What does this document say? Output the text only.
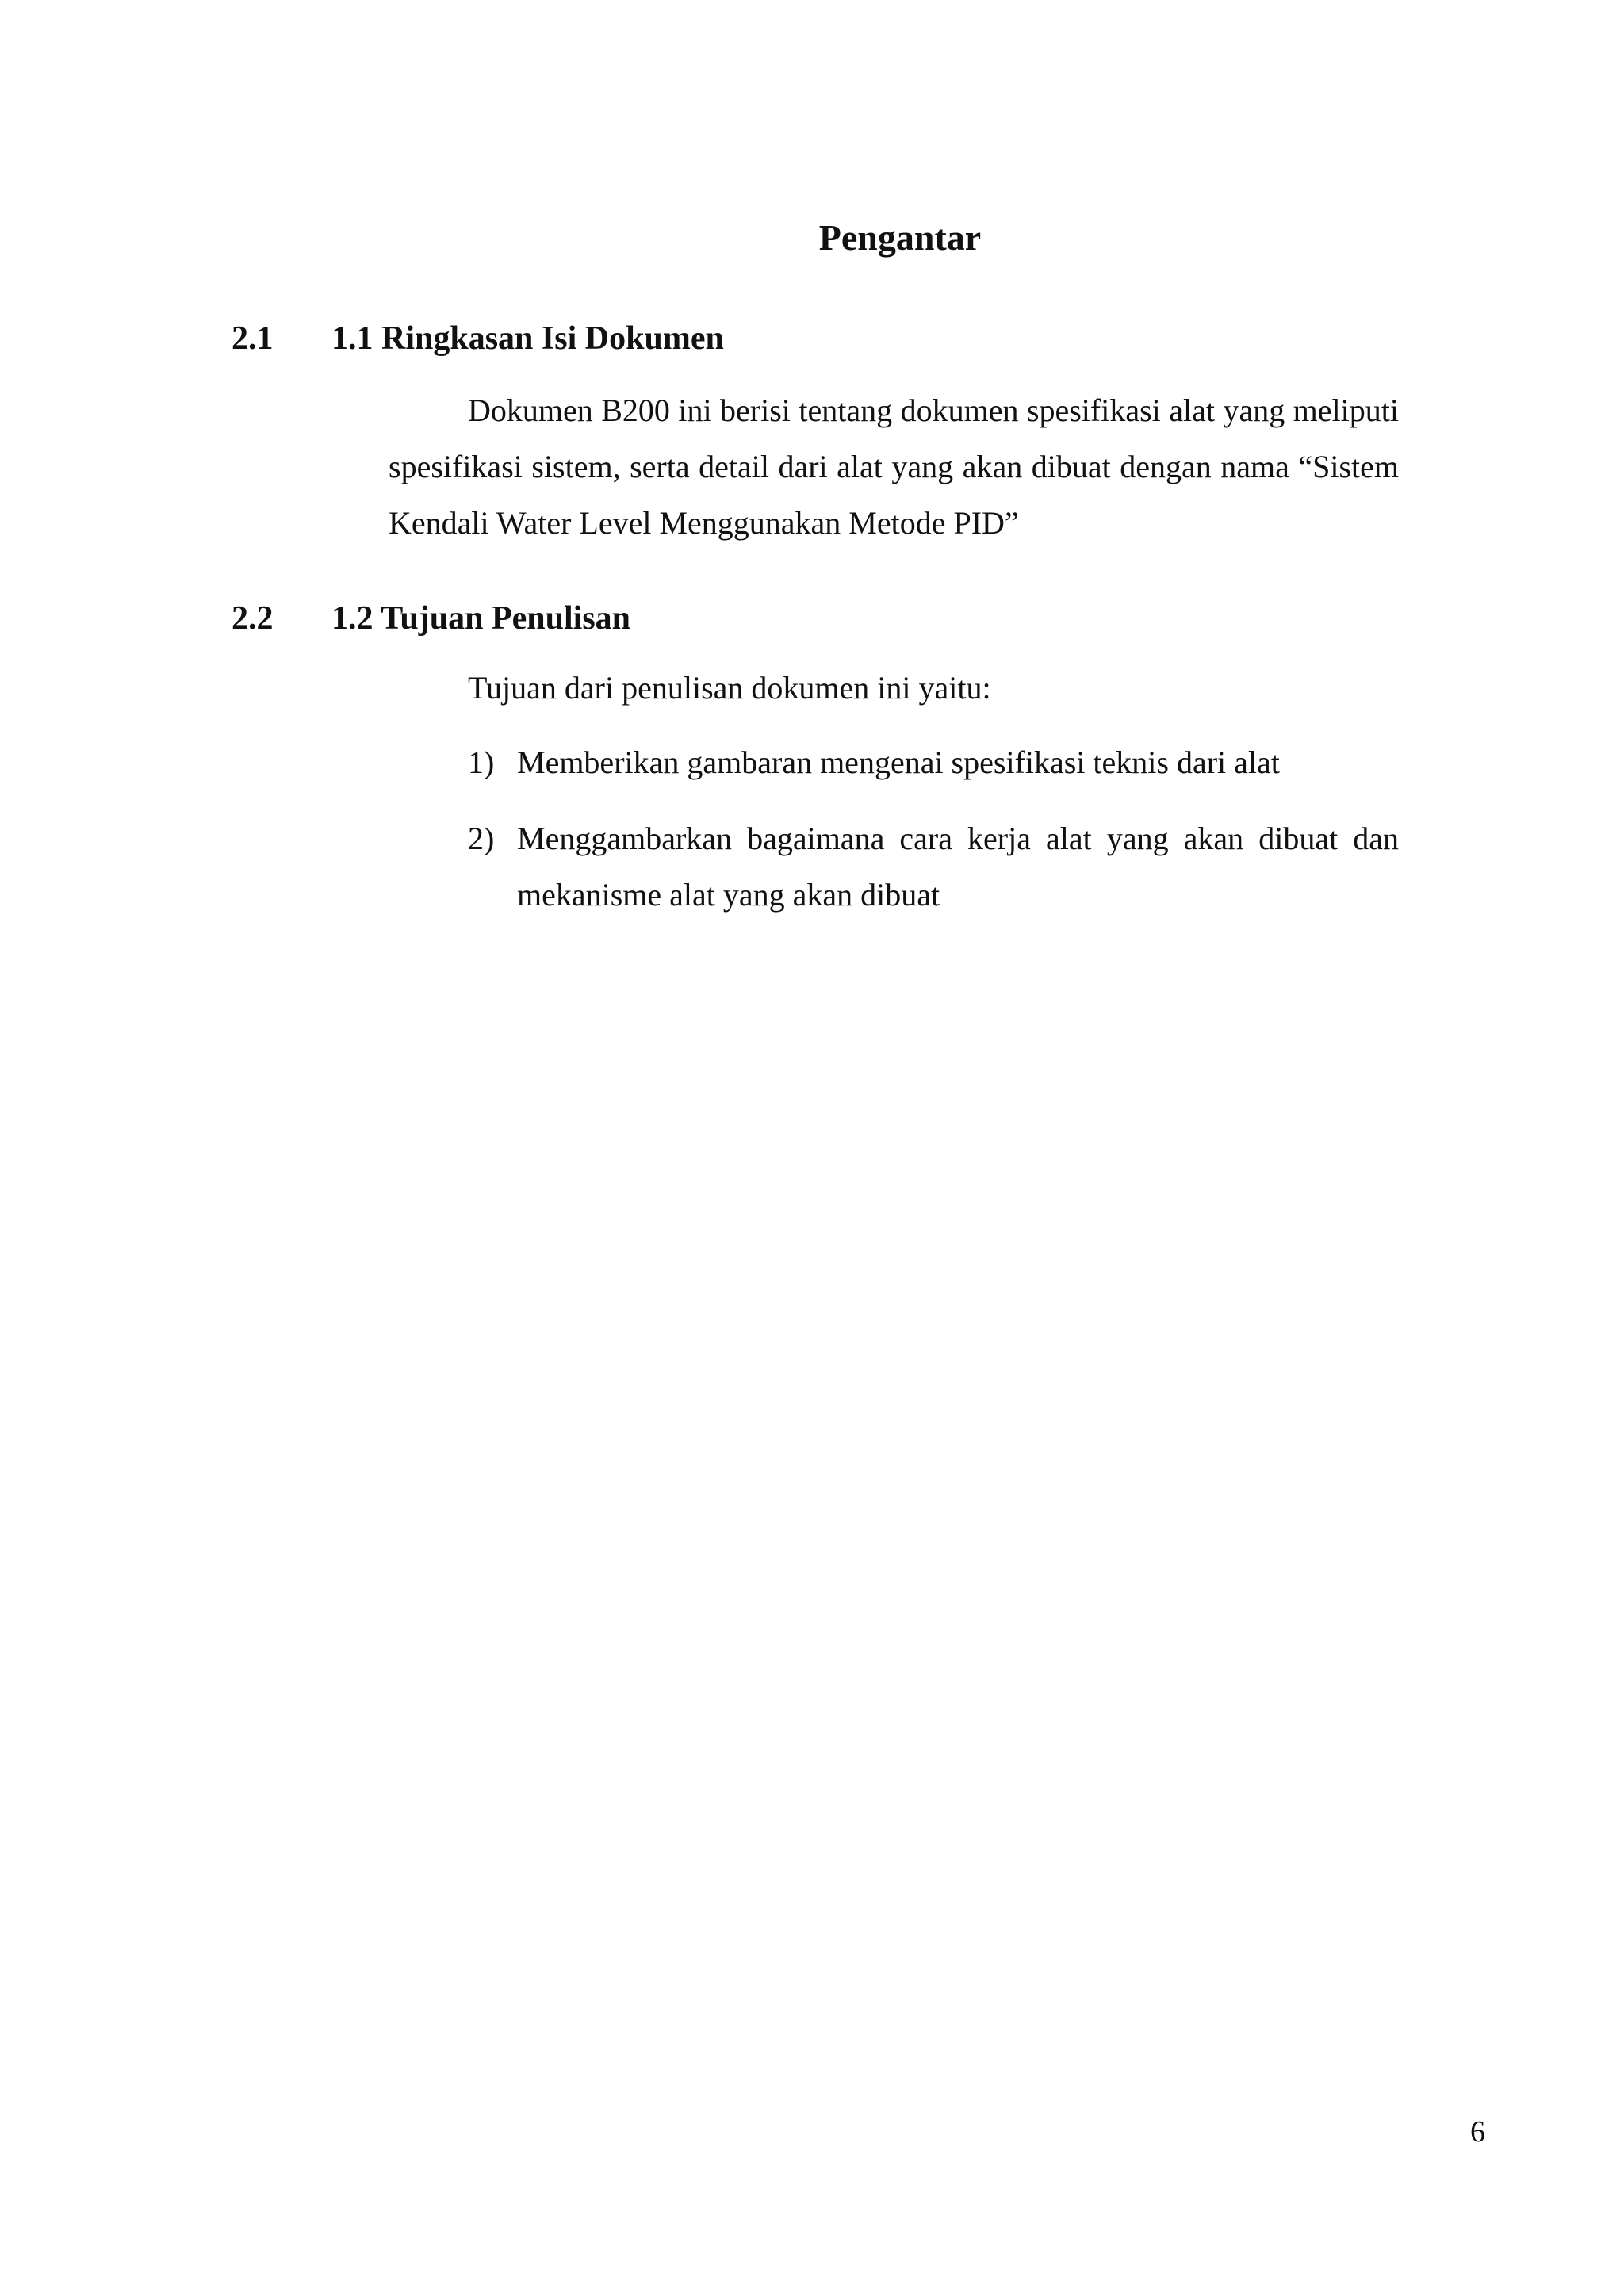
Pengantar
2.1 1.1 Ringkasan Isi Dokumen
Dokumen B200 ini berisi tentang dokumen spesifikasi alat yang meliputi spesifikasi sistem, serta detail dari alat yang akan dibuat dengan nama “Sistem Kendali Water Level Menggunakan Metode PID”
2.2 1.2 Tujuan Penulisan
Tujuan dari penulisan dokumen ini yaitu:
1) Memberikan gambaran mengenai spesifikasi teknis dari alat
2) Menggambarkan bagaimana cara kerja alat yang akan dibuat dan mekanisme alat yang akan dibuat
6
